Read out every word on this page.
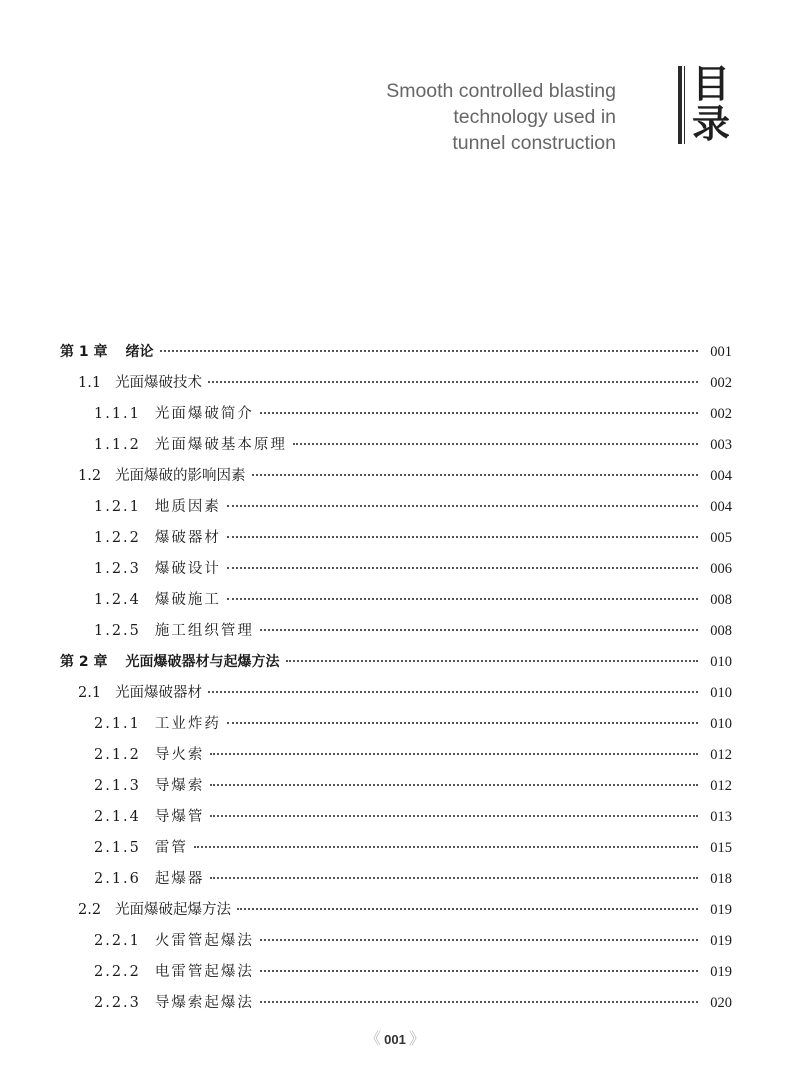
Smooth controlled blasting
technology used in
tunnel construction
目
录
第 1 章 绪论	001
1.1 光面爆破技术	002
1.1.1 光面爆破简介	002
1.1.2 光面爆破基本原理	003
1.2 光面爆破的影响因素	004
1.2.1 地质因素	004
1.2.2 爆破器材	005
1.2.3 爆破设计	006
1.2.4 爆破施工	008
1.2.5 施工组织管理	008
第 2 章 光面爆破器材与起爆方法	010
2.1 光面爆破器材	010
2.1.1 工业炸药	010
2.1.2 导火索	012
2.1.3 导爆索	012
2.1.4 导爆管	013
2.1.5 雷管	015
2.1.6 起爆器	018
2.2 光面爆破起爆方法	019
2.2.1 火雷管起爆法	019
2.2.2 电雷管起爆法	019
2.2.3 导爆索起爆法	020
《 001 》
